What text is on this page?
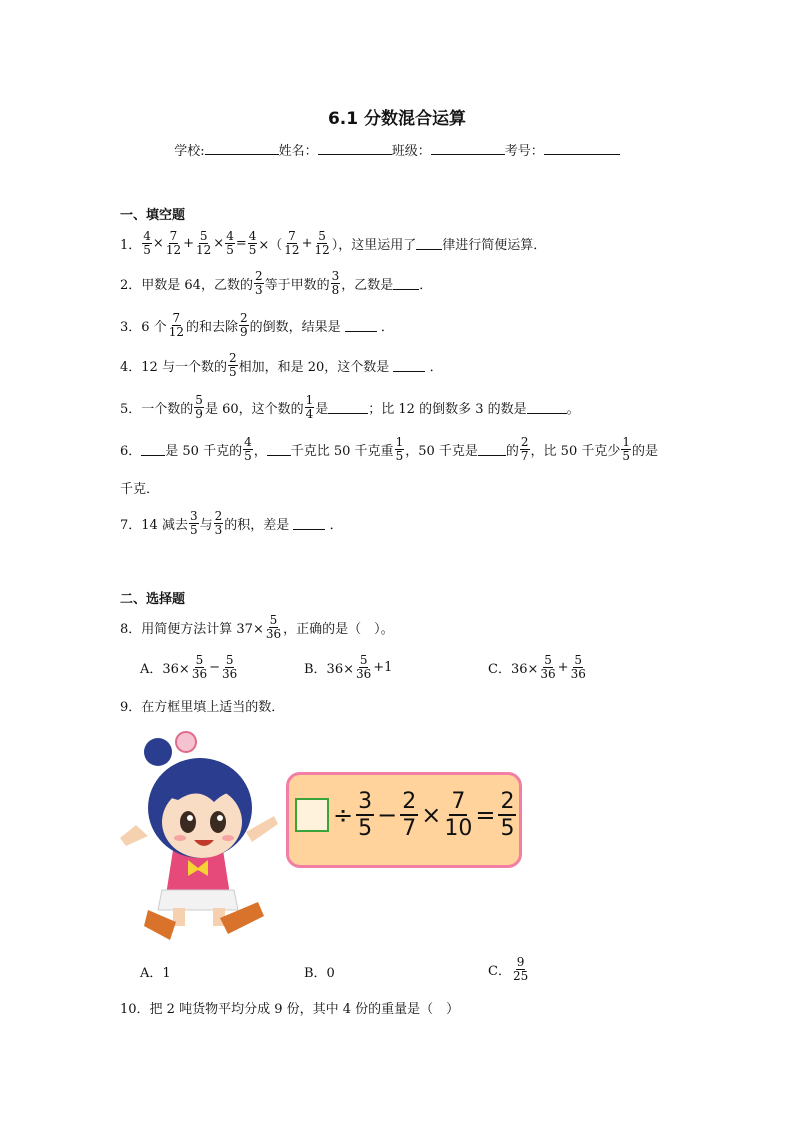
6.1 分数混合运算
学校:	姓名：	班级：	考号：
一、填空题
1． $\frac{4}{5} \times \frac{7}{12} + \frac{5}{12} \times \frac{4}{5} = \frac{4}{5}$ ×（ $\frac{7}{12} + \frac{5}{12}$ ），这里运用了 律进行简便运算．
2． 甲数是 64，乙数的 $\frac{2}{3}$ 等于甲数的 $\frac{3}{8}$ ，乙数是 ．
3． 6 个 $\frac{7}{12}$ 的和去除 $\frac{2}{9}$ 的倒数，结果是

	．
4． 12 与一个数的 $\frac{2}{5}$ 相加，和是 20，这个数是

	．
5． 一个数的 $\frac{5}{9}$ 是 60，这个数的 $\frac{1}{4}$ 是	；比 12 的倒数多 3 的数是	。
6． 是 50 千克的 $\frac{4}{5}$ ， 千克比 50 千克重 $\frac{1}{5}$ ，50 千克是 的 $\frac{2}{7}$ ，比 50 千克少 $\frac{1}{5}$ 的是
千克．
7． 14 减去 $\frac{3}{5}$ 与 $\frac{2}{3}$ 的积，差是

	．
二、选择题
8． 用简便方法计算 $37\times \frac{5}{36}$ ，正确的是（　）。
A．$36\times \frac{5}{36} - \frac{5}{36}$	B．$36\times \frac{5}{36} +1$	C．$36\times \frac{5}{36} + \frac{5}{36}$
9． 在方框里填上适当的数．
÷ $\frac{3}{5} - \frac{2}{7} \times \frac{7}{10} = \frac{2}{5}$
A．1	B．0	C． $\frac{9}{25}$
10． 把 2 吨货物平均分成 9 份，其中 4 份的重量是（　）
